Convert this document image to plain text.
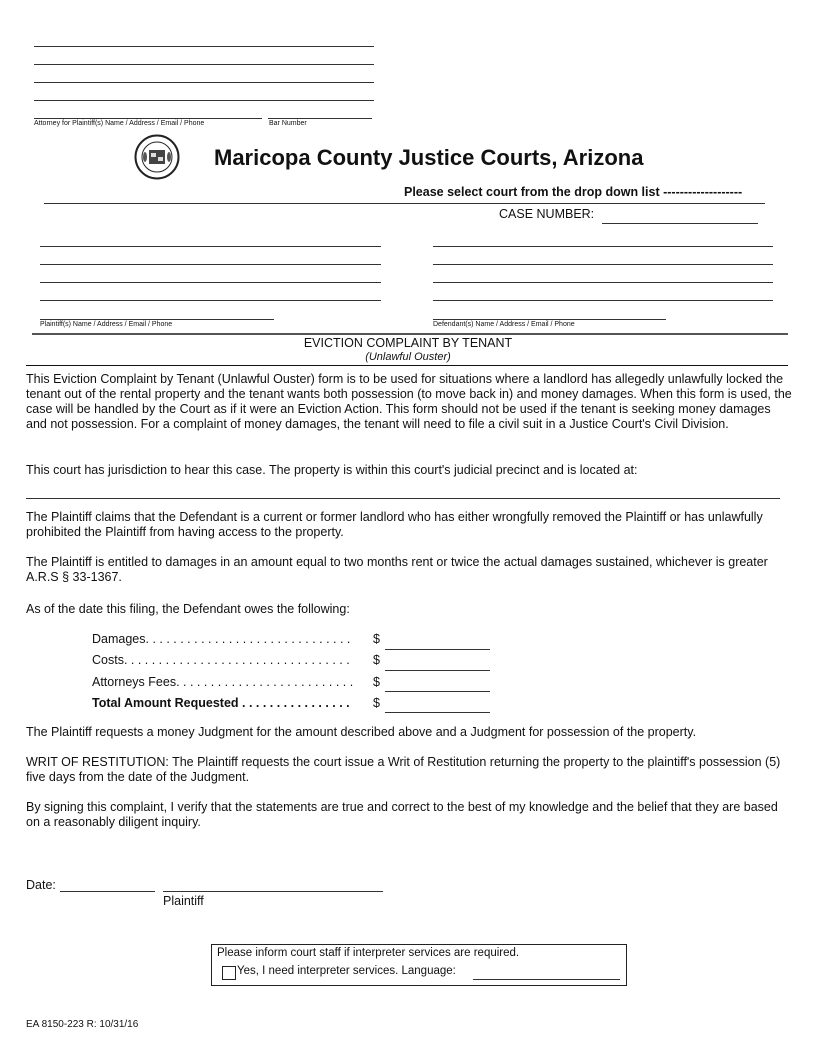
Attorney for Plaintiff(s) Name / Address / Email / Phone	Bar Number
Maricopa County Justice Courts, Arizona
Please select court from the drop down list -------------------
CASE NUMBER:
Plaintiff(s) Name / Address / Email / Phone	Defendant(s) Name / Address / Email / Phone
EVICTION COMPLAINT BY TENANT
(Unlawful Ouster)
This Eviction Complaint by Tenant (Unlawful Ouster) form is to be used for situations where a landlord has allegedly unlawfully locked the tenant out of the rental property and the tenant wants both possession (to move back in) and money damages. When this form is used, the case will be handled by the Court as if it were an Eviction Action. This form should not be used if the tenant is seeking money damages and not possession. For a complaint of money damages, the tenant will need to file a civil suit in a Justice Court's Civil Division.
This court has jurisdiction to hear this case. The property is within this court's judicial precinct and is located at:
The Plaintiff claims that the Defendant is a current or former landlord who has either wrongfully removed the Plaintiff or has unlawfully prohibited the Plaintiff from having access to the property.
The Plaintiff is entitled to damages in an amount equal to two months rent or twice the actual damages sustained, whichever is greater A.R.S § 33-1367.
As of the date this filing, the Defendant owes the following:
Damages. . . . . . . . . . . . . . . . . . . . . . . . . . . . . . $
Costs. . . . . . . . . . . . . . . . . . . . . . . . . . . . . . . . . $
Attorneys Fees. . . . . . . . . . . . . . . . . . . . . . . . . . $
Total Amount Requested . . . . . . . . . . . . . . . . $
The Plaintiff requests a money Judgment for the amount described above and a Judgment for possession of the property.
WRIT OF RESTITUTION: The Plaintiff requests the court issue a Writ of Restitution returning the property to the plaintiff's possession (5) five days from the date of the Judgment.
By signing this complaint, I verify that the statements are true and correct to the best of my knowledge and the belief that they are based on a reasonably diligent inquiry.
Date:
Plaintiff
Please inform court staff if interpreter services are required.
Yes, I need interpreter services. Language:
EA 8150-223 R: 10/31/16
